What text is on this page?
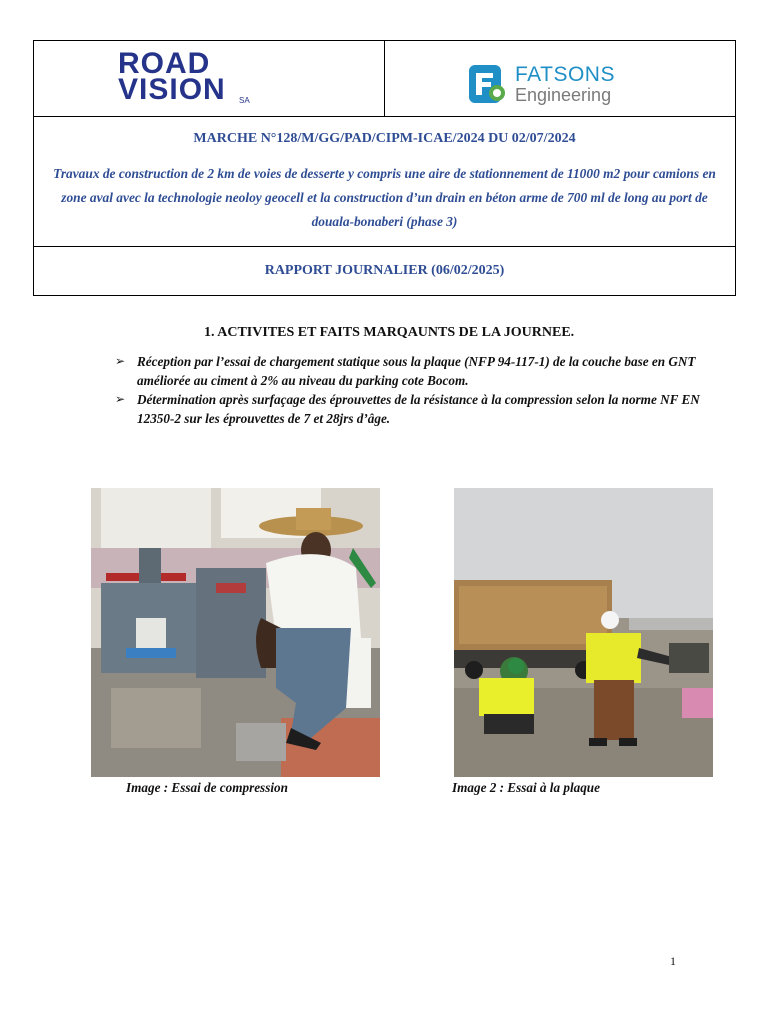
ROAD
VISION SA
FATSONS
Engineering
MARCHE N°128/M/GG/PAD/CIPM-ICAE/2024 DU 02/07/2024
Travaux de construction de 2 km de voies de desserte y compris une aire de stationnement de 11000 m2 pour camions en zone aval avec la technologie neoloy geocell et la construction d’un drain en béton arme de 700 ml de long au port de douala-bonaberi (phase 3)
RAPPORT JOURNALIER (06/02/2025)
1. ACTIVITES ET FAITS MARQAUNTS DE LA JOURNEE.
➢ Réception par l’essai de chargement statique sous la plaque (NFP 94-117-1) de la couche base en GNT améliorée au ciment à 2% au niveau du parking cote Bocom.
➢ Détermination après surfaçage des éprouvettes de la résistance à la compression selon la norme NF EN 12350-2 sur les éprouvettes de 7 et 28jrs d’âge.
Image : Essai de compression	Image 2 : Essai à la plaque
1
